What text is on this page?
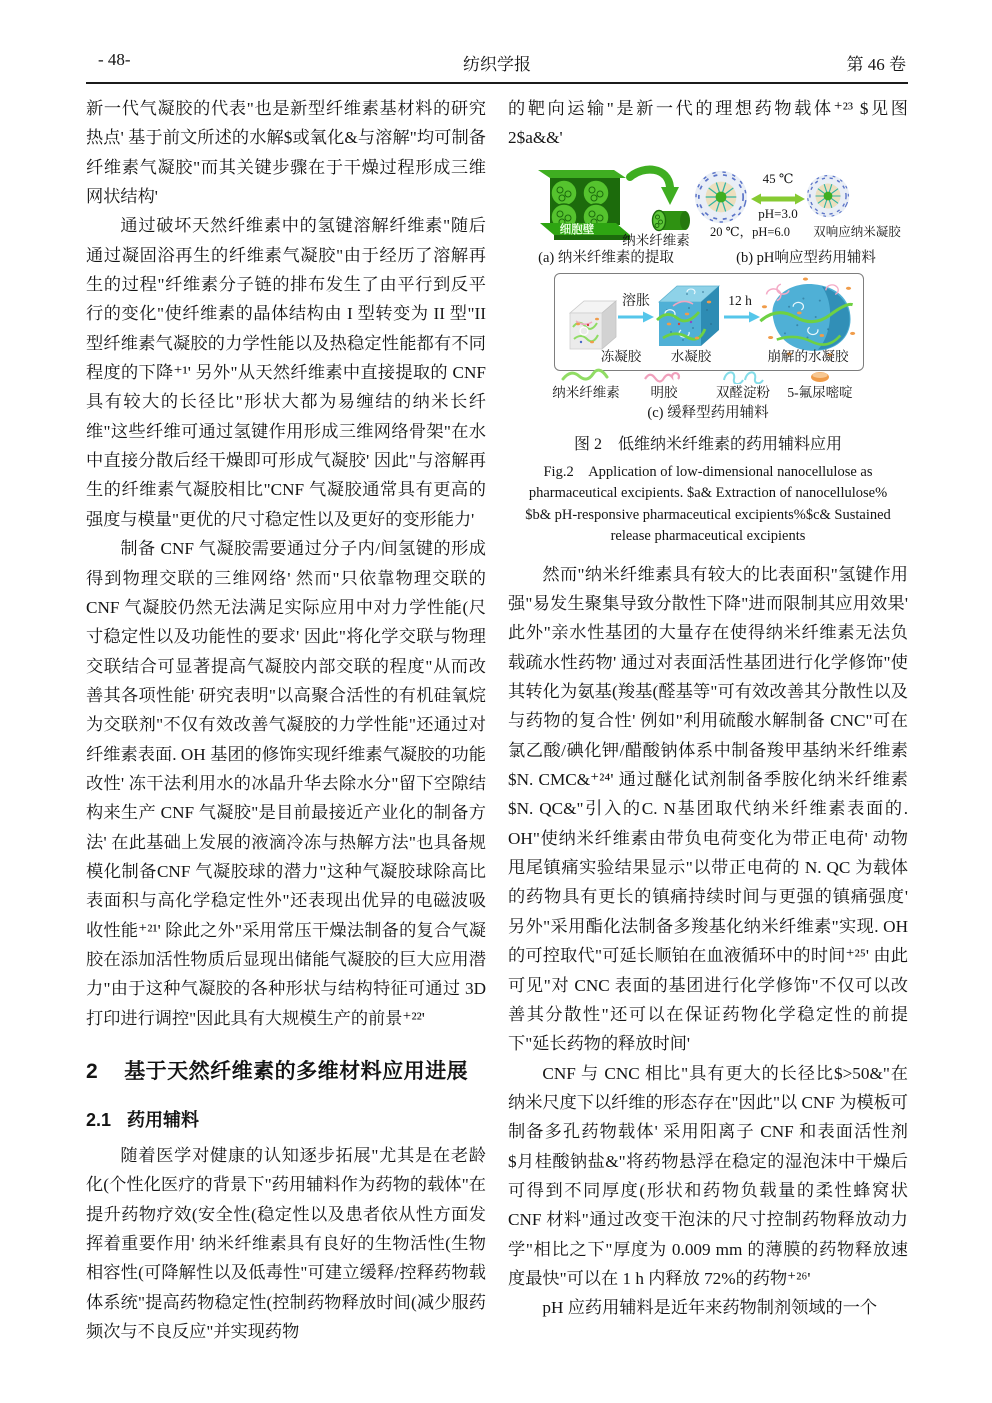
- 48-	纺织学报	第 46 卷

新一代气凝胶的代表"也是新型纤维素基材料的研究热点' 基于前文所述的水解$或氧化&与溶解"均可制备纤维素气凝胶"而其关键步骤在于干燥过程形成三维网状结构'

通过破坏天然纤维素中的氢键溶解纤维素"随后通过凝固浴再生的纤维素气凝胶"由于经历了溶解再生的过程"纤维素分子链的排布发生了由平行到反平行的变化"使纤维素的晶体结构由 I 型转变为 II 型"II 型纤维素气凝胶的力学性能以及热稳定性能都有不同程度的下降⁺¹' 另外"从天然纤维素中直接提取的 CNF 具有较大的长径比"形状大都为易缠结的纳米长纤维"这些纤维可通过氢键作用形成三维网络骨架"在水中直接分散后经干燥即可形成气凝胶' 因此"与溶解再生的纤维素气凝胶相比"CNF 气凝胶通常具有更高的强度与模量"更优的尺寸稳定性以及更好的变形能力'

制备 CNF 气凝胶需要通过分子内/间氢键的形成得到物理交联的三维网络' 然而"只依靠物理交联的 CNF 气凝胶仍然无法满足实际应用中对力学性能(尺寸稳定性以及功能性的要求' 因此"将化学交联与物理交联结合可显著提高气凝胶内部交联的程度"从而改善其各项性能' 研究表明"以高聚合活性的有机硅氧烷为交联剂"不仅有效改善气凝胶的力学性能"还通过对纤维素表面. OH 基团的修饰实现纤维素气凝胶的功能改性' 冻干法利用水的冰晶升华去除水分"留下空隙结构来生产 CNF 气凝胶"是目前最接近产业化的制备方法' 在此基础上发展的液滴冷冻与热解方法"也具备规模化制备CNF 气凝胶球的潜力"这种气凝胶球除高比表面积与高化学稳定性外"还表现出优异的电磁波吸收性能⁺²¹' 除此之外"采用常压干燥法制备的复合气凝胶在添加活性物质后显现出储能气凝胶的巨大应用潜力"由于这种气凝胶的各种形状与结构特征可通过 3D 打印进行调控"因此具有大规模生产的前景⁺²²'

2 基于天然纤维素的多维材料应用进展
2.1 药用辅料

随着医学对健康的认知逐步拓展"尤其是在老龄化(个性化医疗的背景下"药用辅料作为药物的载体"在提升药物疗效(安全性(稳定性以及患者依从性方面发挥着重要作用' 纳米纤维素具有良好的生物活性(生物相容性(可降解性以及低毒性"可建立缓释/控释药物载体系统"提高药物稳定性(控制药物释放时间(减少服药频次与不良反应"并实现药物

的靶向运输"是新一代的理想药物载体⁺²³ $见图 2$a&&'

细胞壁
纳米纤维素
(a) 纳米纤维素的提取
45 ℃
pH=3.0
20 ℃，pH=6.0	双响应纳米凝胶
(b) pH响应型药用辅料
溶胀	12 h
冻凝胶	水凝胶	崩解的水凝胶
纳米纤维素	明胶	双醛淀粉	5-氟尿嘧啶
(c) 缓释型药用辅料
图 2　低维纳米纤维素的药用辅料应用
Fig.2　Application of low-dimensional nanocellulose as
pharmaceutical excipients. $a& Extraction of nanocellulose%
$b& pH-responsive pharmaceutical excipients%$c& Sustained
release pharmaceutical excipients

然而"纳米纤维素具有较大的比表面积"氢键作用强"易发生聚集导致分散性下降"进而限制其应用效果' 此外"亲水性基团的大量存在使得纳米纤维素无法负载疏水性药物' 通过对表面活性基团进行化学修饰"使其转化为氨基(羧基(醛基等"可有效改善其分散性以及与药物的复合性' 例如"利用硫酸水解制备 CNC"可在氯乙酸/碘化钾/醋酸钠体系中制备羧甲基纳米纤维素$N. CMC&⁺²⁴' 通过醚化试剂制备季胺化纳米纤维素$N. QC&"引入的C. N基团取代纳米纤维素表面的. OH"使纳米纤维素由带负电荷变化为带正电荷' 动物甩尾镇痛实验结果显示"以带正电荷的 N. QC 为载体的药物具有更长的镇痛持续时间与更强的镇痛强度' 另外"采用酯化法制备多羧基化纳米纤维素"实现. OH 的可控取代"可延长顺铂在血液循环中的时间⁺²⁵' 由此可见"对 CNC 表面的基团进行化学修饰"不仅可以改善其分散性"还可以在保证药物化学稳定性的前提下"延长药物的释放时间'

CNF 与 CNC 相比"具有更大的长径比$>50&"在纳米尺度下以纤维的形态存在"因此"以 CNF 为模板可制备多孔药物载体' 采用阳离子 CNF 和表面活性剂$月桂酸钠盐&"将药物悬浮在稳定的湿泡沫中干燥后可得到不同厚度(形状和药物负载量的柔性蜂窝状 CNF 材料"通过改变干泡沫的尺寸控制药物释放动力学"相比之下"厚度为 0.009 mm 的薄膜的药物释放速度最快"可以在 1 h 内释放 72%的药物⁺²⁶'

pH 应药用辅料是近年来药物制剂领域的一个
